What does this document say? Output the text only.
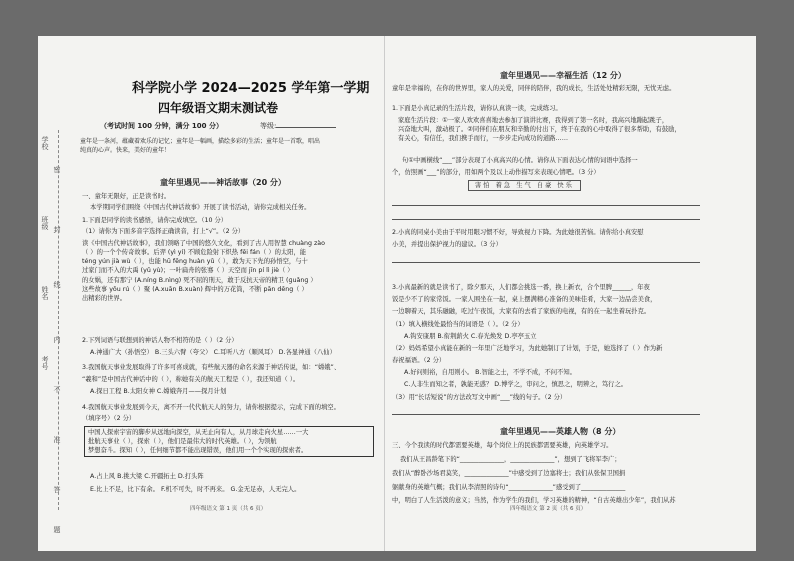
学校
班级
姓名
考号
密
封
线
内
不
准
答
题
科学院小学 2024—2025 学年第一学期
四年级语文期末测试卷
（考试时间 100 分钟，满分 100 分）	等级:
童年是一条河，蕴藏着欢乐的记忆；童年是一幅画，描绘多彩的生活；童年是一首歌，唱出纯真的心声。快来，美好的童年！
童年里遇见——神话故事（20 分）
一、童年无限好，正是读书时。
本学期同学们围绕《中国古代神话故事》开展了读书活动，请你完成相关任务。
1.下面是同学的读书感悟，请你完成填空。（10 分）
（1）请你为下面多音字选择正确读音，打上“√”。（2 分）
读《中国古代神话故事》，我们领略了中国的悠久文化，看到了古人用智慧 chuàng zào
（ ）的一个个传奇故事。后羿 (yì yí) 不顾危险射下炽热 fēi fán（ ）的太阳，能
téng yún jià wù（ ），也能 hū fēng huàn yǔ（ ），敢为天下先的孙悟空，与十
过家门而不入的大禹 (yǔ yù)；一叶扁舟的张骞（ ）天空而 jīn pí lì jiè（ ）
的女娲，还有那宁 (A.níng B.nìng) 死不屈的刑天，敢于反抗天帝的精卫 (ɡuǎnɡ ）
这些故事 yōu rú（ ）聚 (A.xuān B.xuàn) 辉中的万花筒，不断 pān dēng（ ）
出精彩的世界。
2.下列词语与联想到的神话人物不相符的是（ ）（2 分）
A.神通广大（孙悟空） B.三头六臂（夸父） C.耳听八方（顺风耳） D.各显神通（八仙）
3.我国航天事业发展取得了许多可喜成就，有些航天器的命名来源于神话传说，如：“嫦娥”、
“羲和”是中国古代神话中的（ ），称她有关的航天工程是（ ），我还知道（ ）。
A.探日工程 B.太阳女神 C.嫦娥奔月——探月计划
4.我国航天事业发展到今天，离不开一代代航天人的努力，请你根据提示，完成下面的填空。
（填序号）（2 分）
中国人探索宇宙的脚步从远地向深空，从无止向有人，从月球走向火星……一大
批航天事业（ ），探索（ ），他们是最伟大的时代英雄。（ ），为领航
梦想奋斗。探知（ ），任何细节都不能出现错误，他们用一个个实现的探索者。
A.占上风 B.挑大梁 C.开疆拓土 D.打头阵
E.比上不足，比下有余。 F.机不可失，时不再来。 G.金无足赤，人无完人。
四年级语文 第 1 页（共 6 页）
童年里遇见——幸福生活（12 分）
童年是幸福的，在你的世界里，家人的关爱，同伴的陪伴，我的成长，生活处处精彩无限，无忧无虑。
1.下面是小真记录的生活片段，请你认真读一读，完成练习。
家庭生活片段：①一家人欢欢喜喜地去参加了演讲比赛，我得到了第一名时，我高兴地蹦起跳子，
兴奋地大叫，激动极了。②同伴们在朋友和辛勤的付出下，终于在我的心中取得了很多帮助，有鼓励，
有关心，有信任，我们携手而行，一步步走向成功的道路……
句①中画横线“___”部分表现了小真高兴的心情。请你从下面表达心情的词语中选择一
个，仿照画“___”的部分，用如两个及以上动作描写来表现心情吧。（3 分）
害怕 着急 生气 自豪 快乐
2.小真的同桌小美由于平时用眼习惯不好，导致视力下降。为此她很苦恼。请你给小真安慰
小美，并提出保护视力的建议。（3 分）
3.小真最新的就是读书了，除夕那天，人们都会挑选一番，换上新衣，合个里脾______，年夜
饭是少不了的家常饭。一家人围坐在一起，桌上摆满精心准备的美味佳肴，大家一边品尝美食，
一边聊着天，其乐融融，吃过午夜饭，大家有的去看了家族的电视，有的在一起坐着玩扑克。
（1）填入横线处最恰当的词语是（ ）。（2 分）
A.钩安康朋 B.衔荆薪火 C.春光焕发 D.亭亭玉立
（2）妈妈希望小真能在新的一年里广泛地学习，为此她制订了计划，于是，她选择了（ ）作为新
春祝福语。（2 分）
A.好问则裕，自用则小。 B.智能之士，不学不成，不问不知。
C.人非生而知之者，孰能无惑？ D.博学之，审问之，慎思之，明辨之，笃行之。
（3）用“长话短说”的方法改写文中画“___”线的句子。（2 分）
童年里遇见——英雄人物（8 分）
三、今个我读的时代都需要英雄，每个岗位上的民族都需要英雄，向英雄学习。
我们从王昌龄笔下的“______________，______________”，想到了飞将军李广；
我们从“醉卧沙场君莫笑，______________”中感受到了边塞将士；我们从张保卫国捐
躯献身的英雄气概；我们从李清照的诗句“______________”感受到了______________
中，明白了人生活泼的意义；当然，作为学生的我们，学习英雄的精神，“自古英雄出少年”，我们从苏
四年级语文 第 2 页（共 6 页）
